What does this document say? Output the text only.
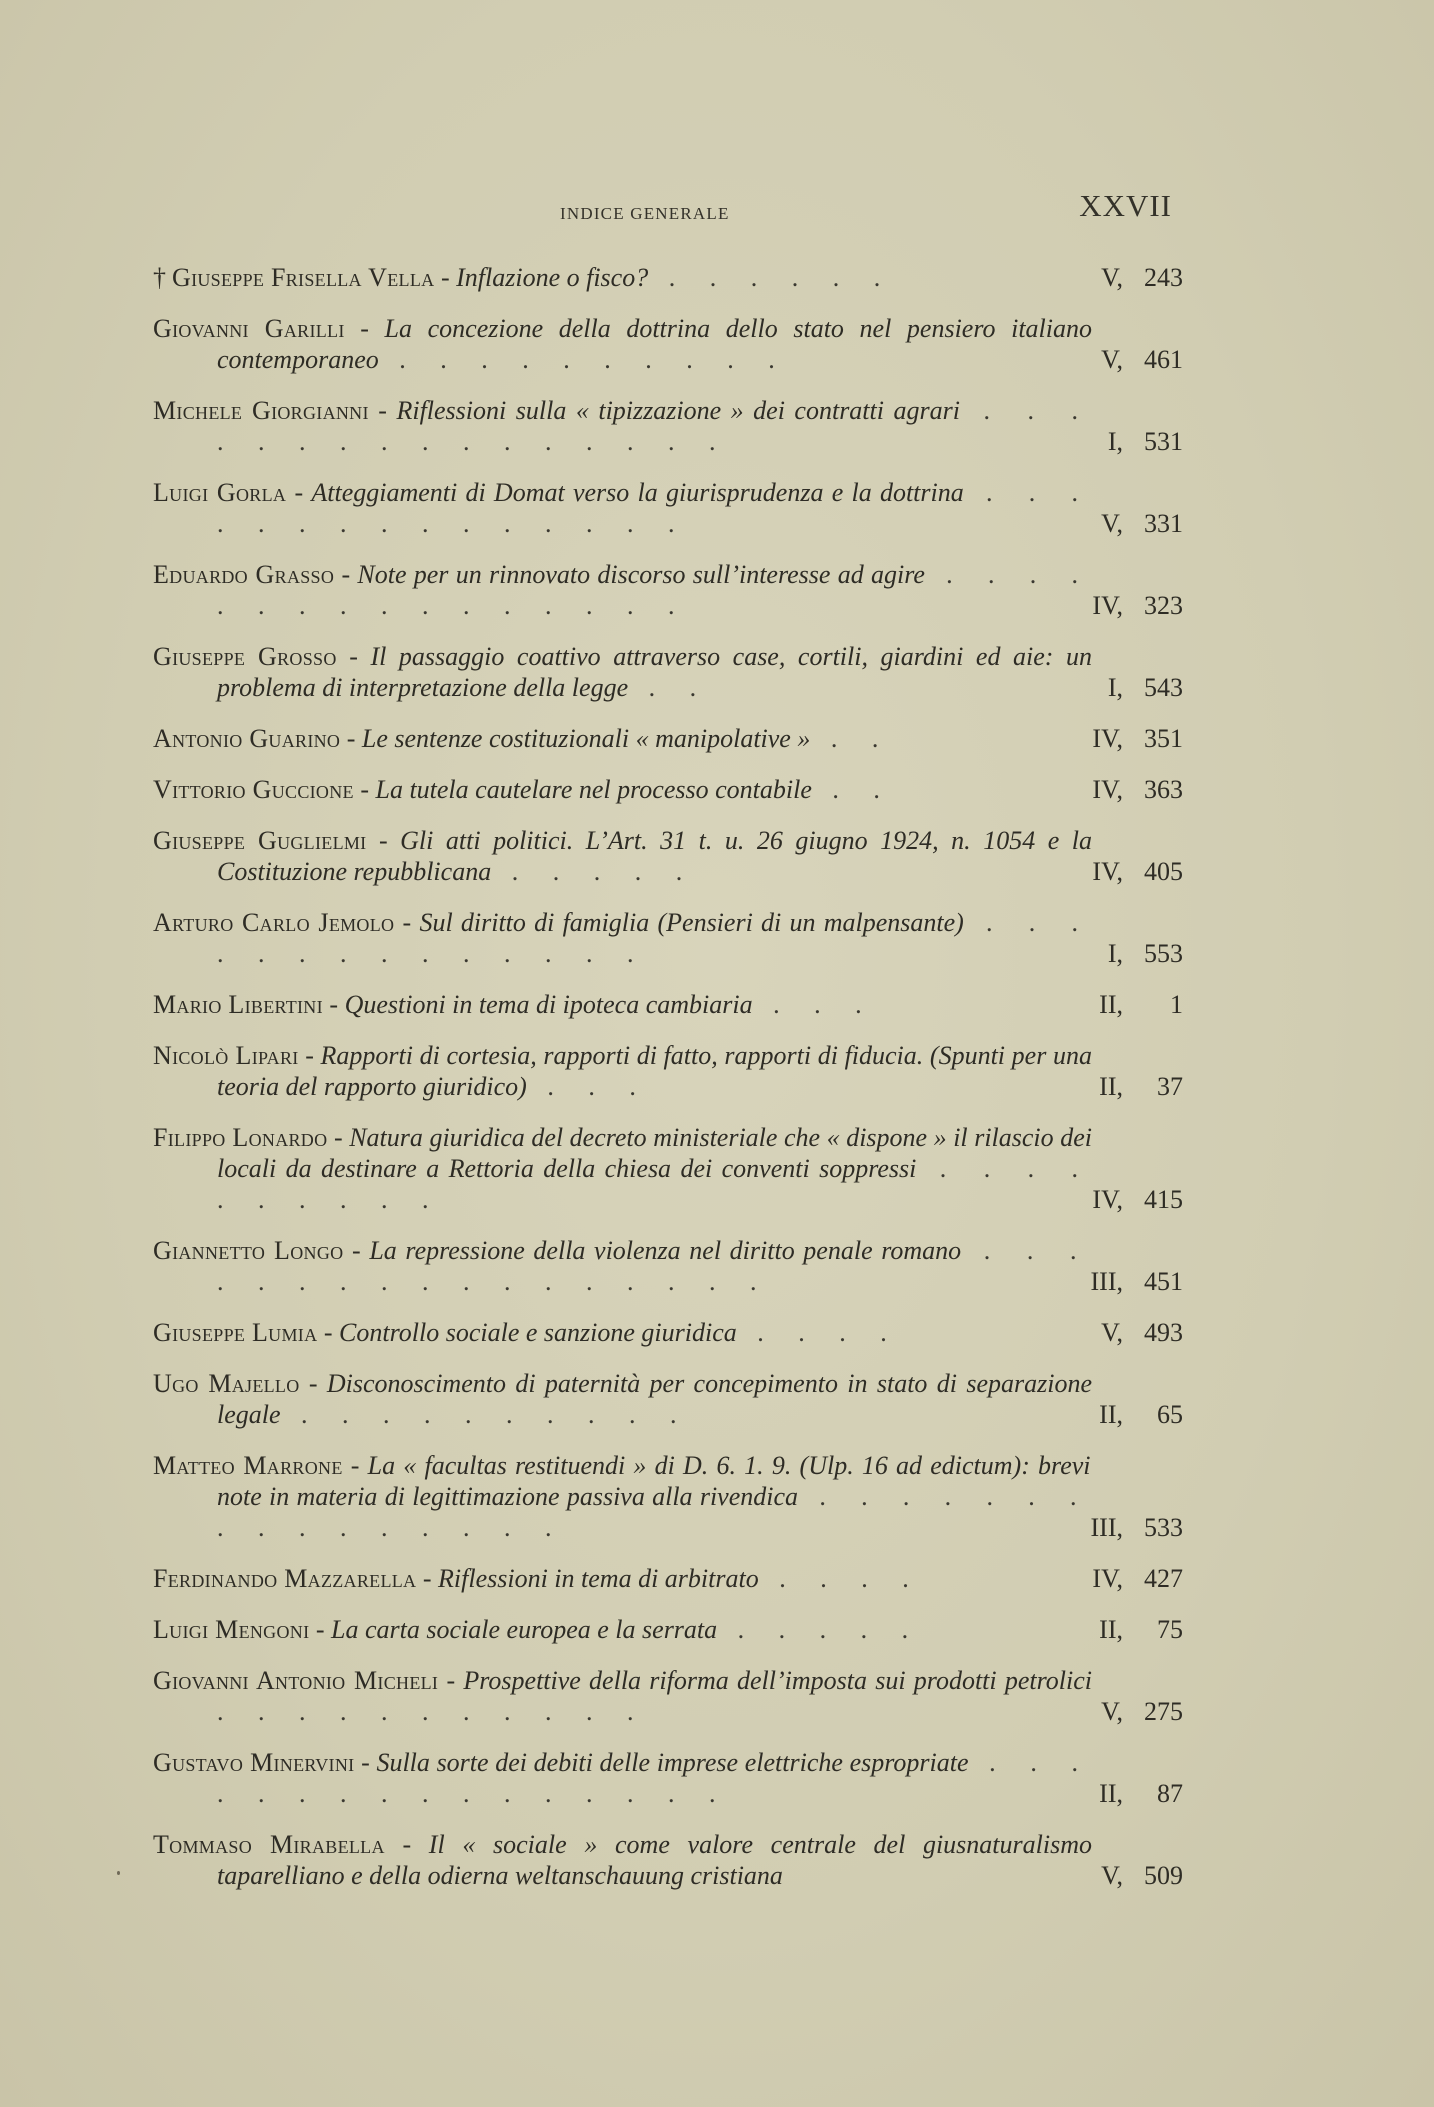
INDICE GENERALE	XXVII
† Giuseppe Frisella Vella - Inflazione o fisco? . . . . . .	V, 243
Giovanni Garilli - La concezione della dottrina dello stato nel pensiero italiano contemporaneo . . . . . . . . . .	V, 461
Michele Giorgianni - Riflessioni sulla « tipizzazione » dei contratti agrari . . . . . . . . . . . . . . . .	I, 531
Luigi Gorla - Atteggiamenti di Domat verso la giurisprudenza e la dottrina . . . . . . . . . . . . . . .	V, 331
Eduardo Grasso - Note per un rinnovato discorso sull’interesse ad agire . . . . . . . . . . . . . . . .	IV, 323
Giuseppe Grosso - Il passaggio coattivo attraverso case, cortili, giardini ed aie: un problema di interpretazione della legge . .	I, 543
Antonio Guarino - Le sentenze costituzionali « manipolative » . .	IV, 351
Vittorio Guccione - La tutela cautelare nel processo contabile . .	IV, 363
Giuseppe Guglielmi - Gli atti politici. L’Art. 31 t. u. 26 giugno 1924, n. 1054 e la Costituzione repubblicana . . . . .	IV, 405
Arturo Carlo Jemolo - Sul diritto di famiglia (Pensieri di un malpensante) . . . . . . . . . . . . . .	I, 553
Mario Libertini - Questioni in tema di ipoteca cambiaria . . .	II,	1
Nicolò Lipari - Rapporti di cortesia, rapporti di fatto, rapporti di fiducia. (Spunti per una teoria del rapporto giuridico) . . .	II,	37
Filippo Lonardo - Natura giuridica del decreto ministeriale che « dispone » il rilascio dei locali da destinare a Rettoria della chiesa dei conventi soppressi . . . . . . . . . .	IV, 415
Giannetto Longo - La repressione della violenza nel diritto penale romano . . . . . . . . . . . . . . . . .	III, 451
Giuseppe Lumia - Controllo sociale e sanzione giuridica . . . .	V, 493
Ugo Majello - Disconoscimento di paternità per concepimento in stato di separazione legale . . . . . . . . . .	II,	65
Matteo Marrone - La « facultas restituendi » di D. 6. 1. 9. (Ulp. 16 ad edictum): brevi note in materia di legittimazione passiva alla rivendica . . . . . . . . . . . . . . . .	III, 533
Ferdinando Mazzarella - Riflessioni in tema di arbitrato . . . .	IV, 427
Luigi Mengoni - La carta sociale europea e la serrata . . . . .	II,	75
Giovanni Antonio Micheli - Prospettive della riforma dell’imposta sui prodotti petrolici . . . . . . . . . . .	V, 275
Gustavo Minervini - Sulla sorte dei debiti delle imprese elettriche espropriate . . . . . . . . . . . . . . . .	II,	87
Tommaso Mirabella - Il « sociale » come valore centrale del giusnaturalismo taparelliano e della odierna weltanschauung cristiana	V, 509
